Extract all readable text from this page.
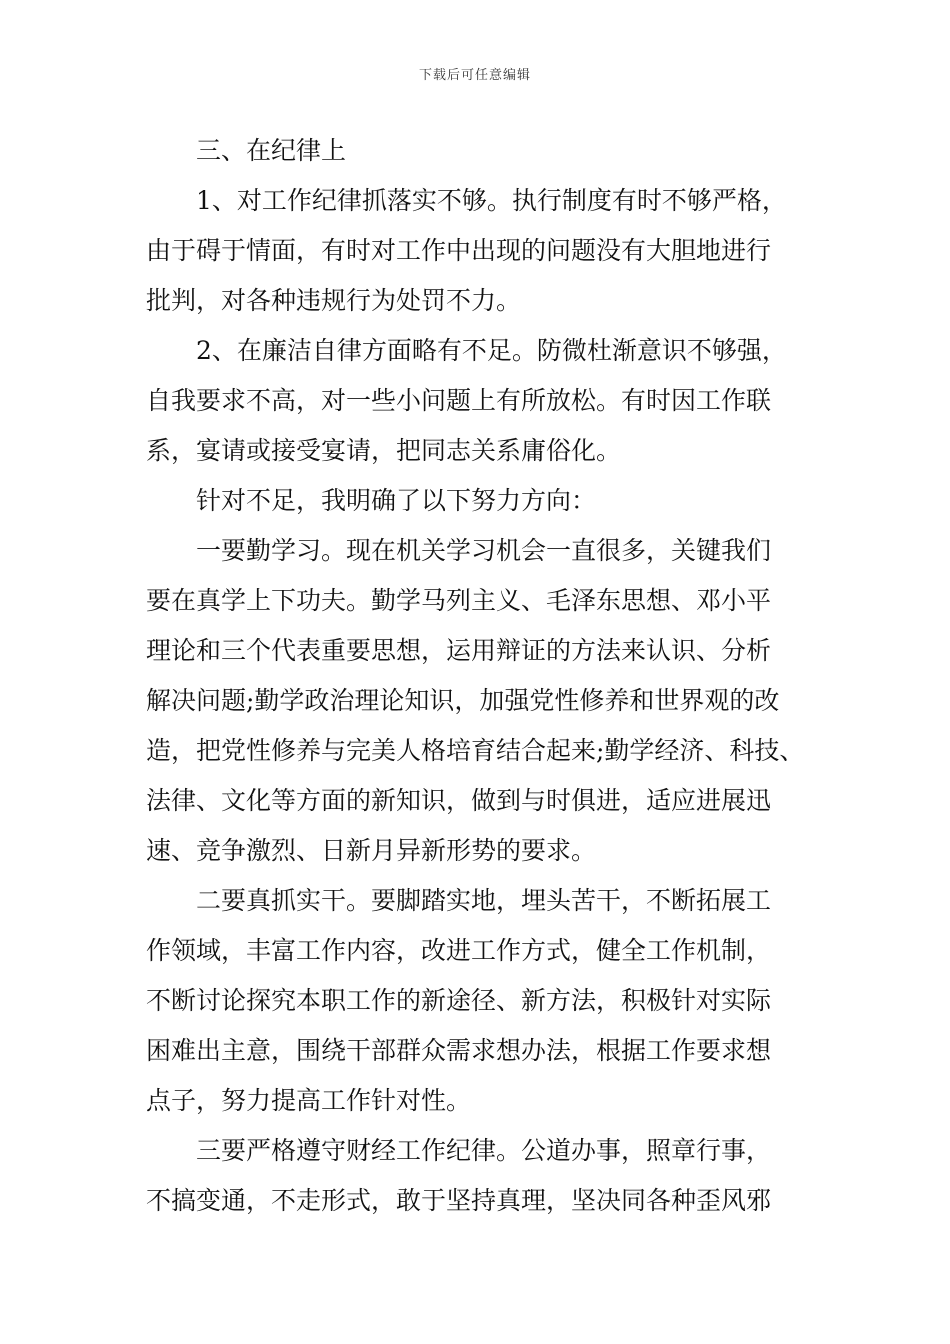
下载后可任意编辑
三、在纪律上
1、对工作纪律抓落实不够。执行制度有时不够严格，
由于碍于情面，有时对工作中出现的问题没有大胆地进行
批判，对各种违规行为处罚不力。
2、在廉洁自律方面略有不足。防微杜渐意识不够强，
自我要求不高，对一些小问题上有所放松。有时因工作联
系，宴请或接受宴请，把同志关系庸俗化。
针对不足，我明确了以下努力方向：
一要勤学习。现在机关学习机会一直很多，关键我们
要在真学上下功夫。勤学马列主义、毛泽东思想、邓小平
理论和三个代表重要思想，运用辩证的方法来认识、分析
解决问题;勤学政治理论知识，加强党性修养和世界观的改
造，把党性修养与完美人格培育结合起来;勤学经济、科技、
法律、文化等方面的新知识，做到与时俱进，适应进展迅
速、竞争激烈、日新月异新形势的要求。
二要真抓实干。要脚踏实地，埋头苦干，不断拓展工
作领域，丰富工作内容，改进工作方式，健全工作机制，
不断讨论探究本职工作的新途径、新方法，积极针对实际
困难出主意，围绕干部群众需求想办法，根据工作要求想
点子，努力提高工作针对性。
三要严格遵守财经工作纪律。公道办事，照章行事，
不搞变通，不走形式，敢于坚持真理，坚决同各种歪风邪
